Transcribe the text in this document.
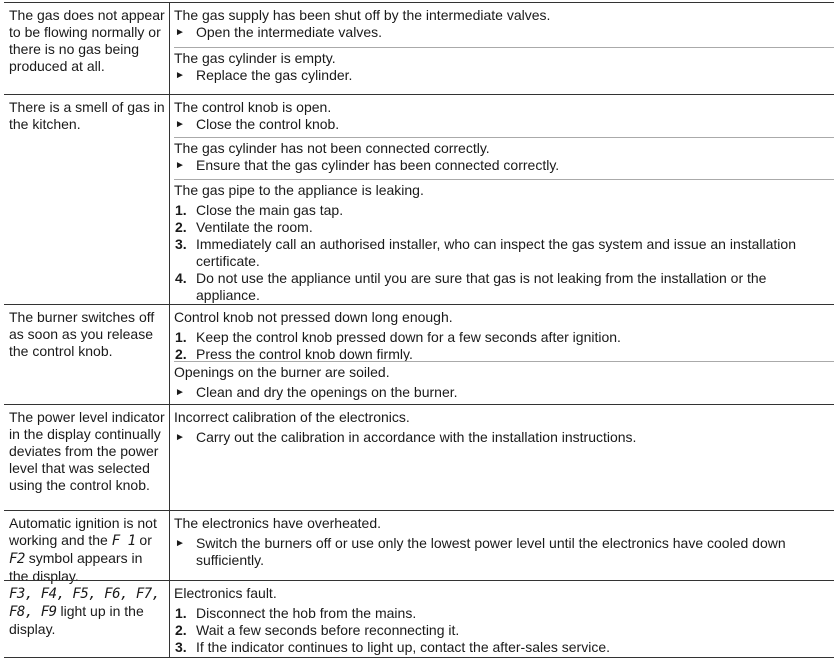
The gas does not appear to be flowing normally or there is no gas being produced at all.
The gas supply has been shut off by the intermediate valves.
► Open the intermediate valves.
The gas cylinder is empty.
► Replace the gas cylinder.
There is a smell of gas in the kitchen.
The control knob is open.
► Close the control knob.
The gas cylinder has not been connected correctly.
► Ensure that the gas cylinder has been connected correctly.
The gas pipe to the appliance is leaking.
1. Close the main gas tap.
2. Ventilate the room.
3. Immediately call an authorised installer, who can inspect the gas system and issue an installation certificate.
4. Do not use the appliance until you are sure that gas is not leaking from the installation or the appliance.
The burner switches off as soon as you release the control knob.
Control knob not pressed down long enough.
1. Keep the control knob pressed down for a few seconds after ignition.
2. Press the control knob down firmly.
Openings on the burner are soiled.
► Clean and dry the openings on the burner.
The power level indicator in the display continually deviates from the power level that was selected using the control knob.
Incorrect calibration of the electronics.
► Carry out the calibration in accordance with the installation instructions.
Automatic ignition is not working and the F 1 or F2 symbol appears in the display.
The electronics have overheated.
► Switch the burners off or use only the lowest power level until the electronics have cooled down sufficiently.
F3, F4, F5, F6, F7, F8, F9 light up in the display.
Electronics fault.
1. Disconnect the hob from the mains.
2. Wait a few seconds before reconnecting it.
3. If the indicator continues to light up, contact the after-sales service.
